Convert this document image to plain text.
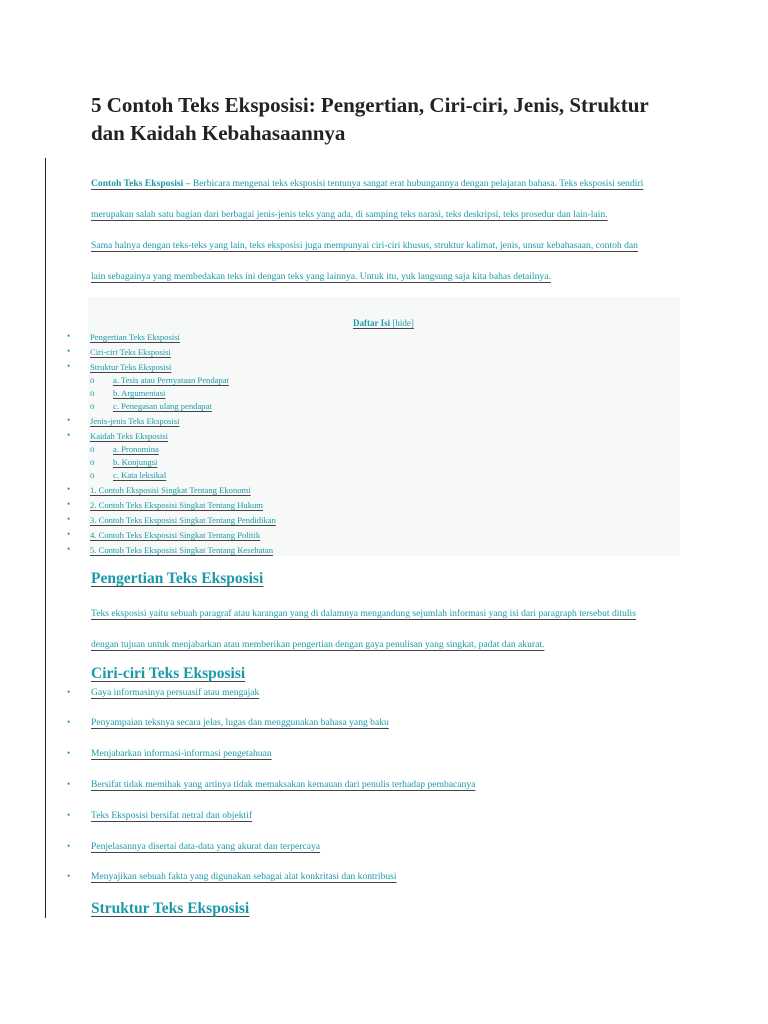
5 Contoh Teks Eksposisi: Pengertian, Ciri-ciri, Jenis, Struktur
dan Kaidah Kebahasaannya
Contoh Teks Eksposisi – Berbicara mengenai teks eksposisi tentunya sangat erat hubungannya dengan pelajaran bahasa. Teks eksposisi sendiri
merupakan salah satu bagian dari berbagai jenis-jenis teks yang ada, di samping teks narasi, teks deskripsi, teks prosedur dan lain-lain.
Sama halnya dengan teks-teks yang lain, teks eksposisi juga mempunyai ciri-ciri khusus, struktur kalimat, jenis, unsur kebahasaan, contoh dan
lain sebagainya yang membedakan teks ini dengan teks yang lainnya. Untuk itu, yuk langsung saja kita bahas detailnya.
Daftar Isi [hide]
• Pengertian Teks Eksposisi
• Ciri-ciri Teks Eksposisi
• Struktur Teks Eksposisi
o a. Tesis atau Pernyataan Pendapat
o b. Argumentasi
o c. Penegasan ulang pendapat
• Jenis-jenis Teks Eksposisi
• Kaidah Teks Eksposisi
o a. Pronomina
o b. Konjungsi
o c. Kata leksikal
• 1. Contoh Eksposisi Singkat Tentang Ekonomi
• 2. Contoh Teks Eksposisi Singkat Tentang Hukum
• 3. Contoh Teks Eksposisi Singkat Tentang Pendidikan
• 4. Contoh Teks Eksposisi Singkat Tentang Politik
• 5. Contoh Teks Eksposisi Singkat Tentang Kesehatan
Pengertian Teks Eksposisi
Teks eksposisi yaitu sebuah paragraf atau karangan yang di dalamnya mengandung sejumlah informasi yang isi dari paragraph tersebut ditulis
dengan tujuan untuk menjabarkan atau memberikan pengertian dengan gaya penulisan yang singkat, padat dan akurat.
Ciri-ciri Teks Eksposisi
• Gaya informasinya persuasif atau mengajak
• Penyampaian teksnya secara jelas, lugas dan menggunakan bahasa yang baku
• Menjabarkan informasi-informasi pengetahuan
• Bersifat tidak memihak yang artinya tidak memaksakan kemauan dari penulis terhadap pembacanya
• Teks Eksposisi bersifat netral dan objektif
• Penjelasannya disertai data-data yang akurat dan terpercaya
• Menyajikan sebuah fakta yang digunakan sebagai alat konkritasi dan kontribusi
Struktur Teks Eksposisi
